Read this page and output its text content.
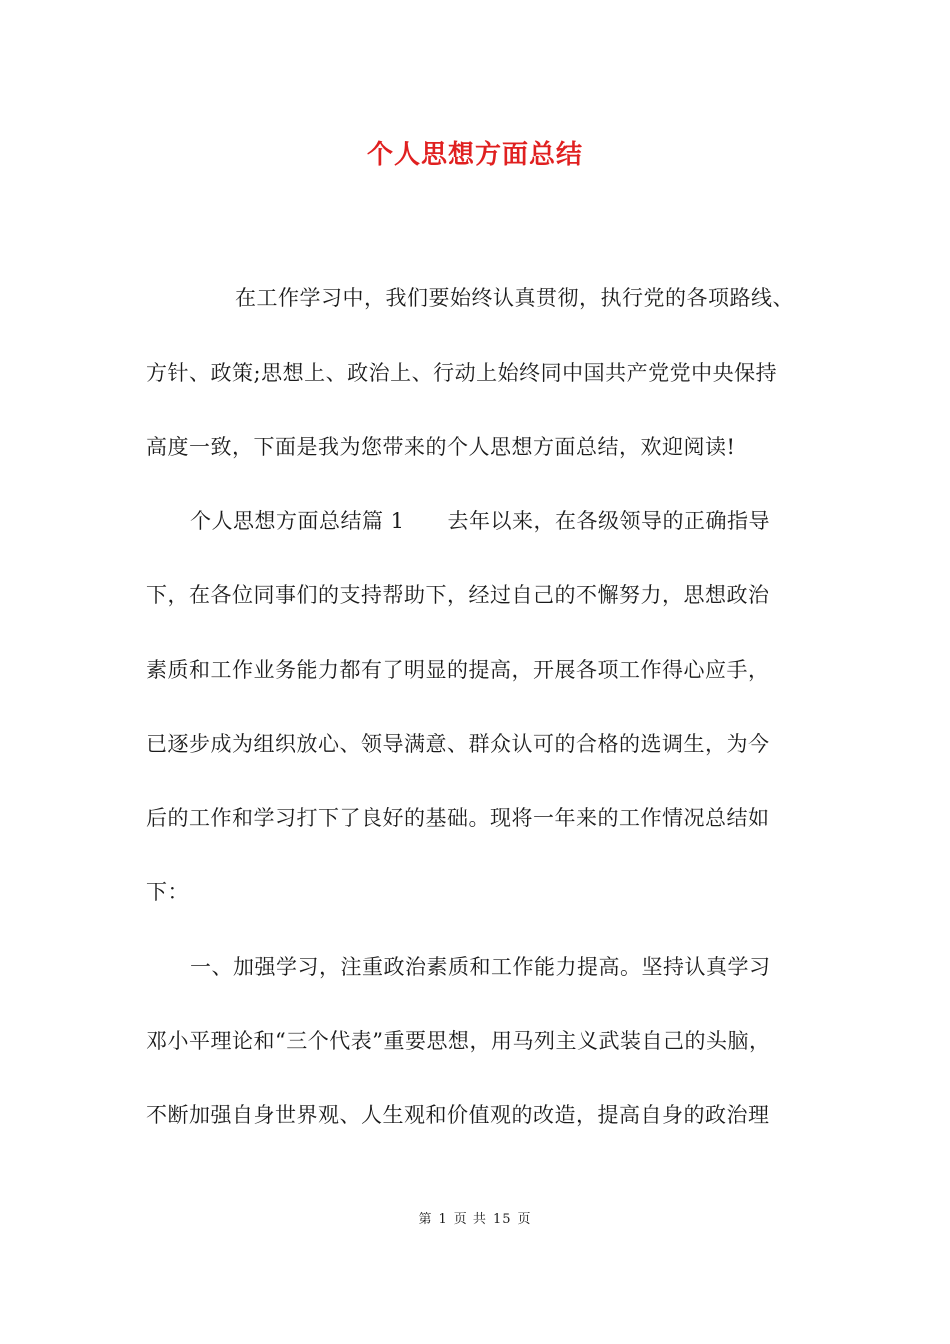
个人思想方面总结
在工作学习中，我们要始终认真贯彻，执行党的各项路线、
方针、政策;思想上、政治上、行动上始终同中国共产党党中央保持
高度一致，下面是我为您带来的个人思想方面总结，欢迎阅读!
个人思想方面总结篇 1　　去年以来，在各级领导的正确指导
下，在各位同事们的支持帮助下，经过自己的不懈努力，思想政治
素质和工作业务能力都有了明显的提高，开展各项工作得心应手，
已逐步成为组织放心、领导满意、群众认可的合格的选调生，为今
后的工作和学习打下了良好的基础。现将一年来的工作情况总结如
下：
一、加强学习，注重政治素质和工作能力提高。坚持认真学习
邓小平理论和“三个代表”重要思想，用马列主义武装自己的头脑，
不断加强自身世界观、人生观和价值观的改造，提高自身的政治理
第 1 页 共 15 页
